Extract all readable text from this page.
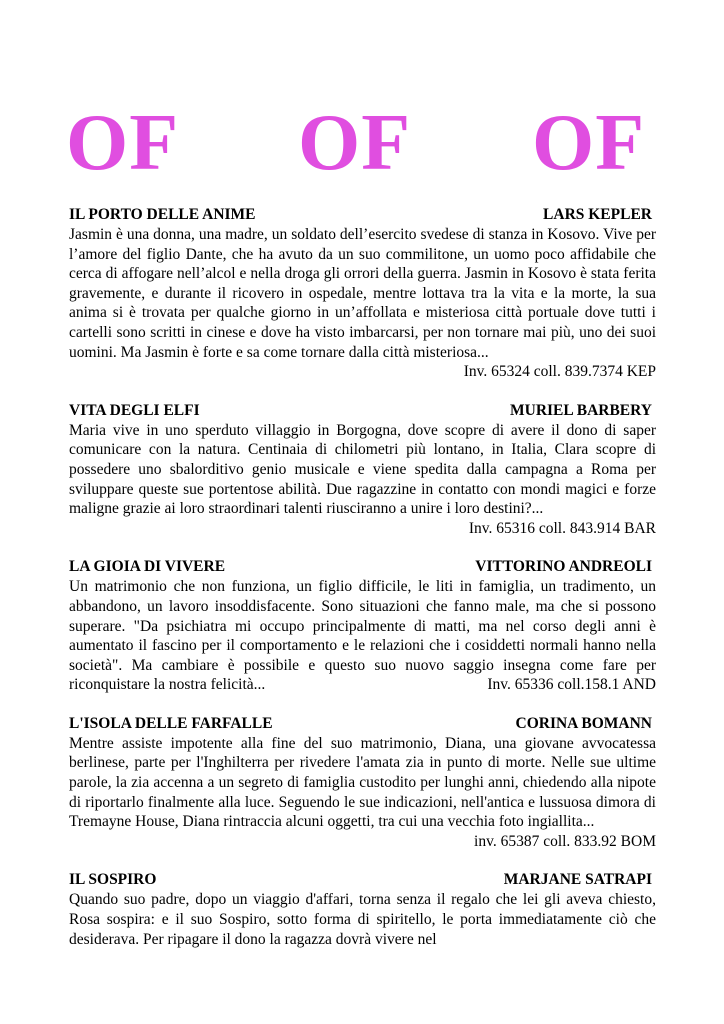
OF OF OF
IL PORTO DELLE ANIME	LARS KEPLER

Jasmin è una donna, una madre, un soldato dell’esercito svedese di stanza in Kosovo. Vive per l’amore del figlio Dante, che ha avuto da un suo commilitone, un uomo poco affidabile che cerca di affogare nell’alcol e nella droga gli orrori della guerra. Jasmin in Kosovo è stata ferita gravemente, e durante il ricovero in ospedale, mentre lottava tra la vita e la morte, la sua anima si è trovata per qualche giorno in un’affollata e misteriosa città portuale dove tutti i cartelli sono scritti in cinese e dove ha visto imbarcarsi, per non tornare mai più, uno dei suoi uomini. Ma Jasmin è forte e sa come tornare dalla città misteriosa...
Inv. 65324 coll. 839.7374 KEP

VITA DEGLI ELFI	MURIEL BARBERY

Maria vive in uno sperduto villaggio in Borgogna, dove scopre di avere il dono di saper comunicare con la natura. Centinaia di chilometri più lontano, in Italia, Clara scopre di possedere uno sbalorditivo genio musicale e viene spedita dalla campagna a Roma per sviluppare queste sue portentose abilità. Due ragazzine in contatto con mondi magici e forze maligne grazie ai loro straordinari talenti riusciranno a unire i loro destini?...
Inv. 65316 coll. 843.914 BAR

LA GIOIA DI VIVERE	VITTORINO ANDREOLI

Un matrimonio che non funziona, un figlio difficile, le liti in famiglia, un tradimento, un abbandono, un lavoro insoddisfacente. Sono situazioni che fanno male, ma che si possono superare. "Da psichiatra mi occupo principalmente di matti, ma nel corso degli anni è aumentato il fascino per il comportamento e le relazioni che i cosiddetti normali hanno nella società". Ma cambiare è possibile e questo suo nuovo saggio insegna come fare per riconquistare la nostra felicità...	Inv. 65336 coll.158.1 AND

L'ISOLA DELLE FARFALLE	CORINA BOMANN

Mentre assiste impotente alla fine del suo matrimonio, Diana, una giovane avvocatessa berlinese, parte per l'Inghilterra per rivedere l'amata zia in punto di morte. Nelle sue ultime parole, la zia accenna a un segreto di famiglia custodito per lunghi anni, chiedendo alla nipote di riportarlo finalmente alla luce. Seguendo le sue indicazioni, nell'antica e lussuosa dimora di Tremayne House, Diana rintraccia alcuni oggetti, tra cui una vecchia foto ingiallita...
inv. 65387 coll. 833.92 BOM

IL SOSPIRO	MARJANE SATRAPI

Quando suo padre, dopo un viaggio d'affari, torna senza il regalo che lei gli aveva chiesto, Rosa sospira: e il suo Sospiro, sotto forma di spiritello, le porta immediatamente ciò che desiderava. Per ripagare il dono la ragazza dovrà vivere nel
